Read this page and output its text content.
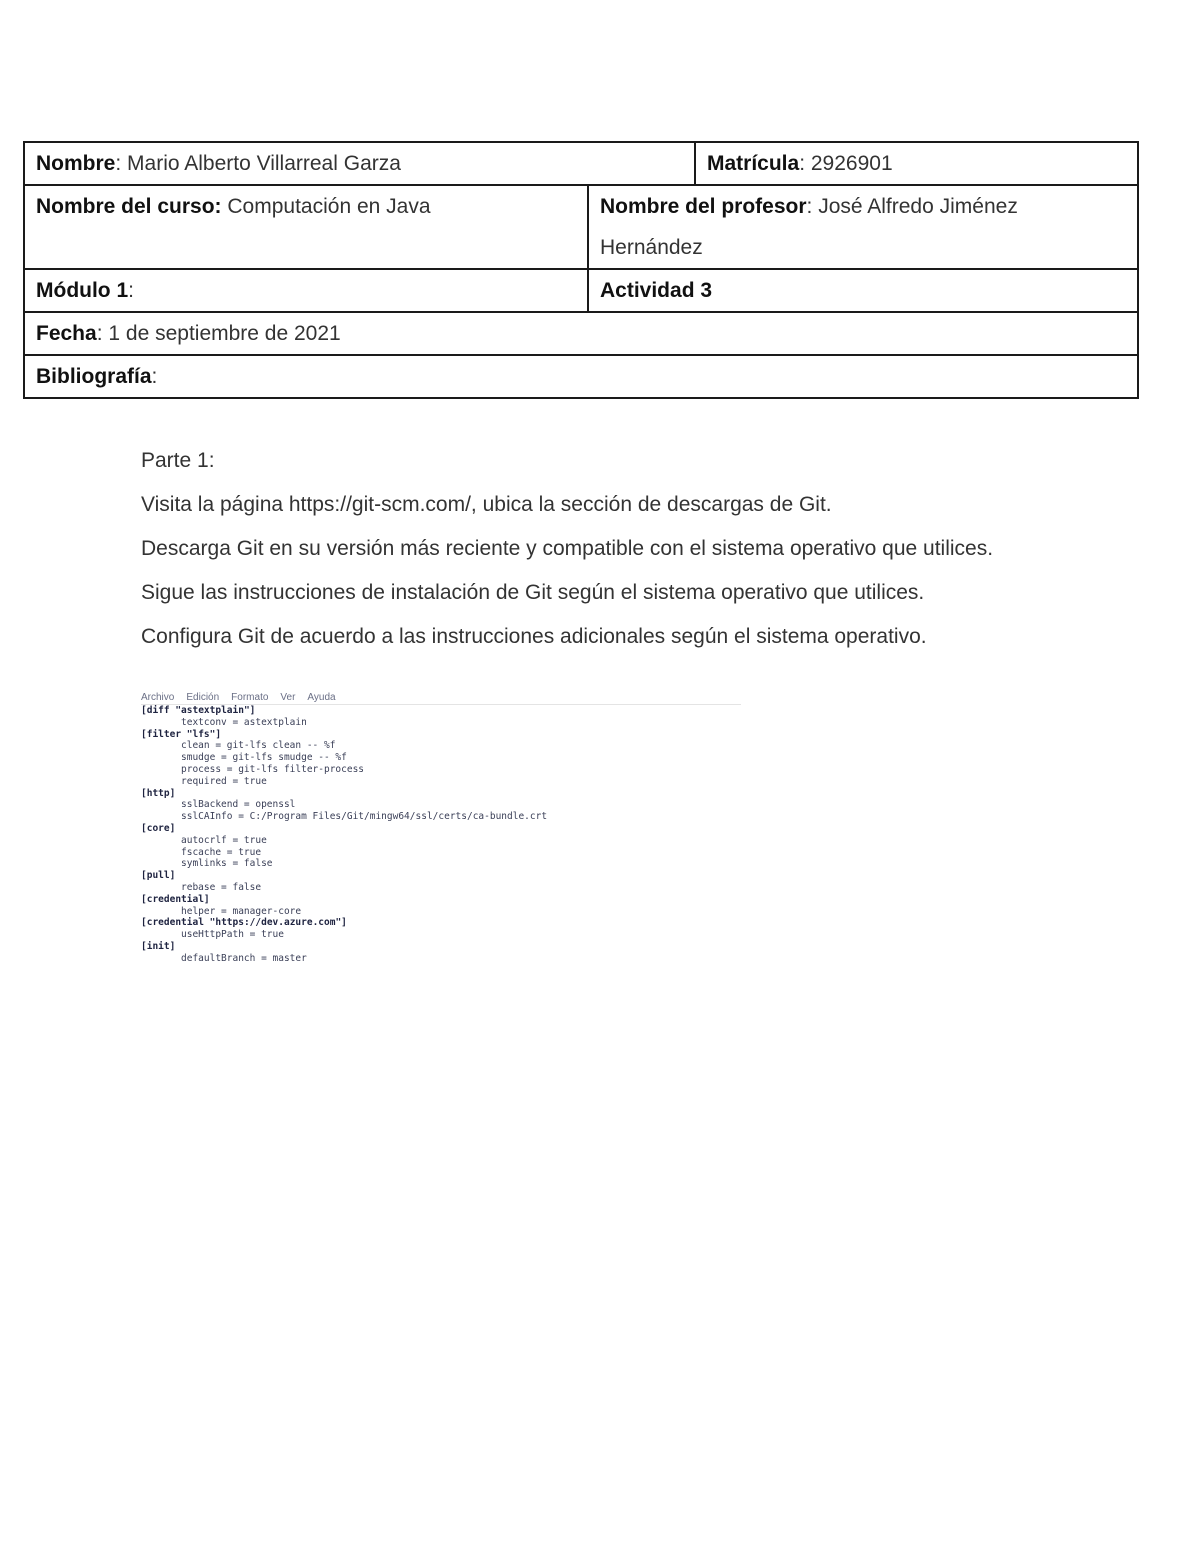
Nombre: Mario Alberto Villarreal Garza		Matrícula: 2926901
Nombre del curso: Computación en Java	Nombre del profesor: José Alfredo Jiménez Hernández	
Módulo 1:	Actividad 3	
Fecha: 1 de septiembre de 2021		
Bibliografía:		

Parte 1:

Visita la página https://git-scm.com/, ubica la sección de descargas de Git.

Descarga Git en su versión más reciente y compatible con el sistema operativo que utilices.

Sigue las instrucciones de instalación de Git según el sistema operativo que utilices.

Configura Git de acuerdo a las instrucciones adicionales según el sistema operativo.

Archivo Edición Formato Ver Ayuda
[diff "astextplain"]
textconv = astextplain
[filter "lfs"]
clean = git-lfs clean -- %f
smudge = git-lfs smudge -- %f
process = git-lfs filter-process
required = true
[http]
sslBackend = openssl
sslCAInfo = C:/Program Files/Git/mingw64/ssl/certs/ca-bundle.crt
[core]
autocrlf = true
fscache = true
symlinks = false
[pull]
rebase = false
[credential]
helper = manager-core
[credential "https://dev.azure.com"]
useHttpPath = true
[init]
defaultBranch = master
